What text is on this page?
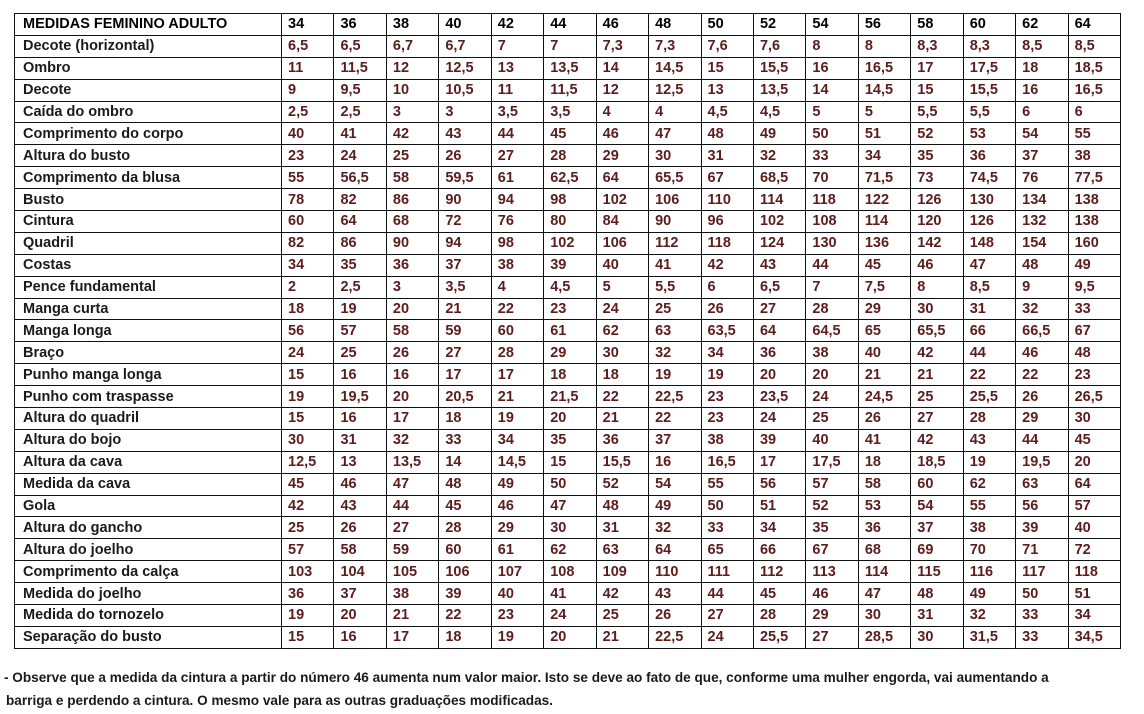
MEDIDAS FEMININO ADULTO	34	36	38	40	42	44	46	48	50	52	54	56	58	60	62	64
Decote (horizontal)	6,5	6,5	6,7	6,7	7	7	7,3	7,3	7,6	7,6	8	8	8,3	8,3	8,5	8,5
Ombro	11	11,5	12	12,5	13	13,5	14	14,5	15	15,5	16	16,5	17	17,5	18	18,5
Decote	9	9,5	10	10,5	11	11,5	12	12,5	13	13,5	14	14,5	15	15,5	16	16,5
Caída do ombro	2,5	2,5	3	3	3,5	3,5	4	4	4,5	4,5	5	5	5,5	5,5	6	6
Comprimento do corpo	40	41	42	43	44	45	46	47	48	49	50	51	52	53	54	55
Altura do busto	23	24	25	26	27	28	29	30	31	32	33	34	35	36	37	38
Comprimento da blusa	55	56,5	58	59,5	61	62,5	64	65,5	67	68,5	70	71,5	73	74,5	76	77,5
Busto	78	82	86	90	94	98	102	106	110	114	118	122	126	130	134	138
Cintura	60	64	68	72	76	80	84	90	96	102	108	114	120	126	132	138
Quadril	82	86	90	94	98	102	106	112	118	124	130	136	142	148	154	160
Costas	34	35	36	37	38	39	40	41	42	43	44	45	46	47	48	49
Pence fundamental	2	2,5	3	3,5	4	4,5	5	5,5	6	6,5	7	7,5	8	8,5	9	9,5
Manga curta	18	19	20	21	22	23	24	25	26	27	28	29	30	31	32	33
Manga longa	56	57	58	59	60	61	62	63	63,5	64	64,5	65	65,5	66	66,5	67
Braço	24	25	26	27	28	29	30	32	34	36	38	40	42	44	46	48
Punho manga longa	15	16	16	17	17	18	18	19	19	20	20	21	21	22	22	23
Punho com traspasse	19	19,5	20	20,5	21	21,5	22	22,5	23	23,5	24	24,5	25	25,5	26	26,5
Altura do quadril	15	16	17	18	19	20	21	22	23	24	25	26	27	28	29	30
Altura do bojo	30	31	32	33	34	35	36	37	38	39	40	41	42	43	44	45
Altura da cava	12,5	13	13,5	14	14,5	15	15,5	16	16,5	17	17,5	18	18,5	19	19,5	20
Medida da cava	45	46	47	48	49	50	52	54	55	56	57	58	60	62	63	64
Gola	42	43	44	45	46	47	48	49	50	51	52	53	54	55	56	57
Altura do gancho	25	26	27	28	29	30	31	32	33	34	35	36	37	38	39	40
Altura do joelho	57	58	59	60	61	62	63	64	65	66	67	68	69	70	71	72
Comprimento da calça	103	104	105	106	107	108	109	110	111	112	113	114	115	116	117	118
Medida do joelho	36	37	38	39	40	41	42	43	44	45	46	47	48	49	50	51
Medida do tornozelo	19	20	21	22	23	24	25	26	27	28	29	30	31	32	33	34
Separação do busto	15	16	17	18	19	20	21	22,5	24	25,5	27	28,5	30	31,5	33	34,5
- Observe que a medida da cintura a partir do número 46 aumenta num valor maior. Isto se deve ao fato de que, conforme uma mulher engorda, vai aumentando a
barriga e perdendo a cintura. O mesmo vale para as outras graduações modificadas.
